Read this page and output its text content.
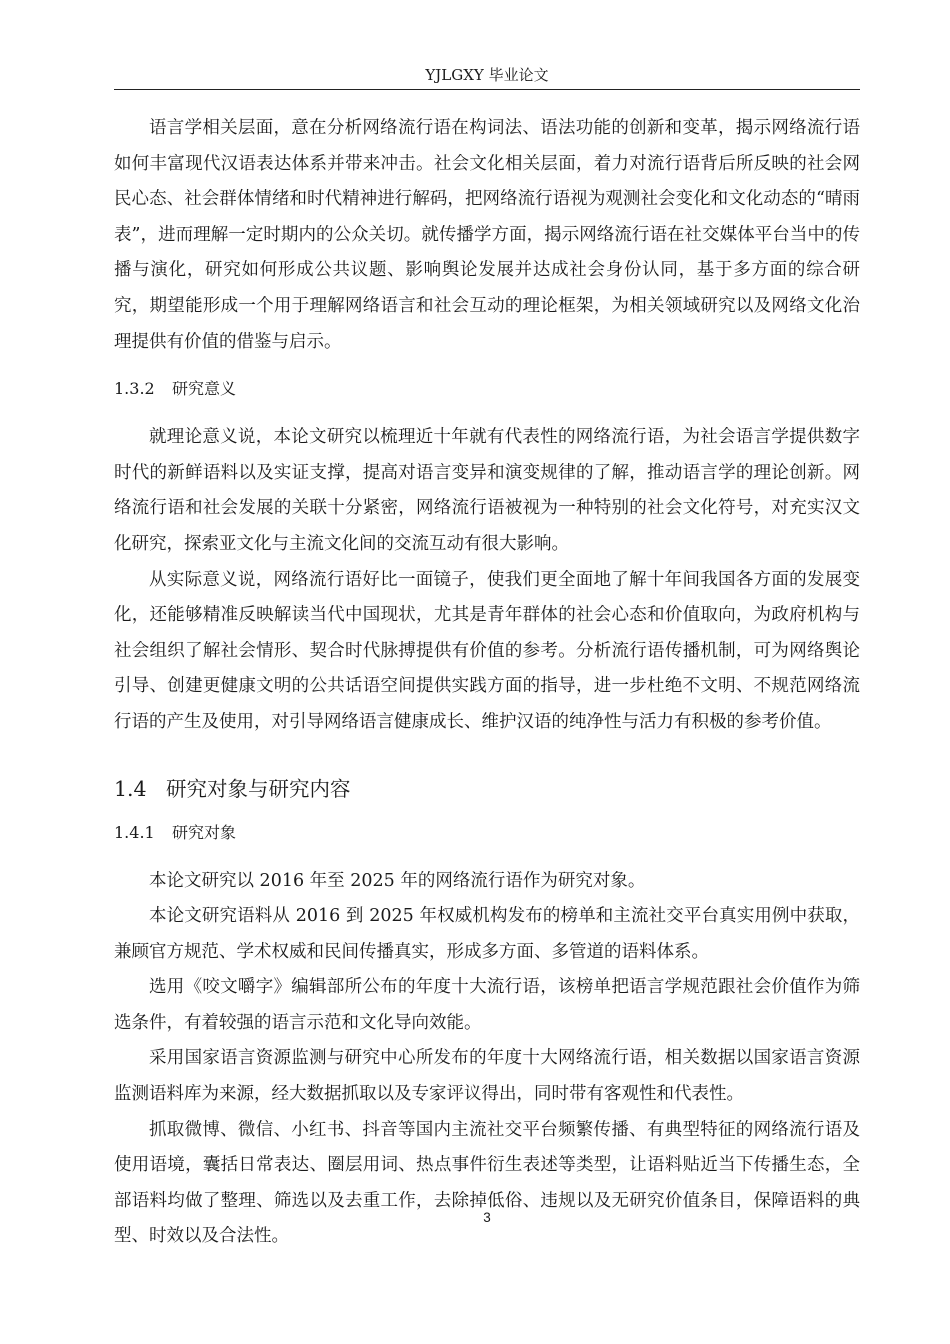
YJLGXY 毕业论文

语言学相关层面，意在分析网络流行语在构词法、语法功能的创新和变革，揭示网络流行语如何丰富现代汉语表达体系并带来冲击。社会文化相关层面，着力对流行语背后所反映的社会网民心态、社会群体情绪和时代精神进行解码，把网络流行语视为观测社会变化和文化动态的“晴雨表”，进而理解一定时期内的公众关切。就传播学方面，揭示网络流行语在社交媒体平台当中的传播与演化，研究如何形成公共议题、影响舆论发展并达成社会身份认同，基于多方面的综合研究，期望能形成一个用于理解网络语言和社会互动的理论框架，为相关领域研究以及网络文化治理提供有价值的借鉴与启示。

1.3.2 研究意义

就理论意义说，本论文研究以梳理近十年就有代表性的网络流行语，为社会语言学提供数字时代的新鲜语料以及实证支撑，提高对语言变异和演变规律的了解，推动语言学的理论创新。网络流行语和社会发展的关联十分紧密，网络流行语被视为一种特别的社会文化符号，对充实汉文化研究，探索亚文化与主流文化间的交流互动有很大影响。

从实际意义说，网络流行语好比一面镜子，使我们更全面地了解十年间我国各方面的发展变化，还能够精准反映解读当代中国现状，尤其是青年群体的社会心态和价值取向，为政府机构与社会组织了解社会情形、契合时代脉搏提供有价值的参考。分析流行语传播机制，可为网络舆论引导、创建更健康文明的公共话语空间提供实践方面的指导，进一步杜绝不文明、不规范网络流行语的产生及使用，对引导网络语言健康成长、维护汉语的纯净性与活力有积极的参考价值。

1.4 研究对象与研究内容
1.4.1 研究对象

本论文研究以 2016 年至 2025 年的网络流行语作为研究对象。

本论文研究语料从 2016 到 2025 年权威机构发布的榜单和主流社交平台真实用例中获取，兼顾官方规范、学术权威和民间传播真实，形成多方面、多管道的语料体系。

选用《咬文嚼字》编辑部所公布的年度十大流行语，该榜单把语言学规范跟社会价值作为筛选条件，有着较强的语言示范和文化导向效能。

采用国家语言资源监测与研究中心所发布的年度十大网络流行语，相关数据以国家语言资源监测语料库为来源，经大数据抓取以及专家评议得出，同时带有客观性和代表性。

抓取微博、微信、小红书、抖音等国内主流社交平台频繁传播、有典型特征的网络流行语及使用语境，囊括日常表达、圈层用词、热点事件衍生表述等类型，让语料贴近当下传播生态，全部语料均做了整理、筛选以及去重工作，去除掉低俗、违规以及无研究价值条目，保障语料的典型、时效以及合法性。

3
